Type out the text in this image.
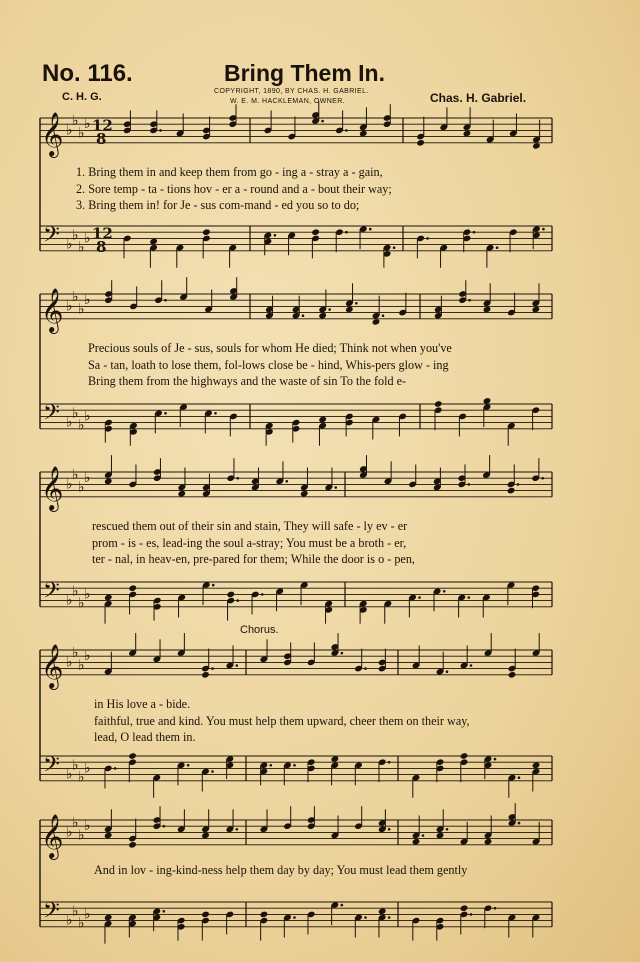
No. 116.	Bring Them In.
COPYRIGHT, 1890, BY CHAS. H. GABRIEL.
W. E. M. HACKLEMAN, OWNER.
C. H. G.	Chas. H. Gabriel.
Chorus.
𝄞
𝄢
♭
♭
♭
♭
♭
♭
♭
♭
12
8
12
8
𝄞
𝄢
♭
♭
♭
♭
♭
♭
♭
♭
𝄞
𝄢
♭
♭
♭
♭
♭
♭
♭
♭
𝄞
𝄢
♭
♭
♭
♭
♭
♭
♭
♭
𝄞
𝄢
♭
♭
♭
♭
♭
♭
♭
♭
1. Bring them in and keep them from go - ing a - stray a - gain,
2. Sore temp - ta - tions hov - er a - round and a - bout their way;
3. Bring them in! for Je - sus com-mand - ed you so to do;
Precious souls of Je - sus, souls for whom He died; Think not when you've
Sa - tan, loath to lose them, fol-lows close be - hind, Whis-pers glow - ing
Bring them from the highways and the waste of sin To the fold e-
rescued them out of their sin and stain, They will safe - ly ev - er
prom - is - es, lead-ing the soul a-stray; You must be a broth - er,
ter - nal, in heav-en, pre-pared for them; While the door is o - pen,
in His love a - bide.
faithful, true and kind. You must help them upward, cheer them on their way,
lead, O lead them in.
And in lov - ing-kind-ness help them day by day; You must lead them gently
